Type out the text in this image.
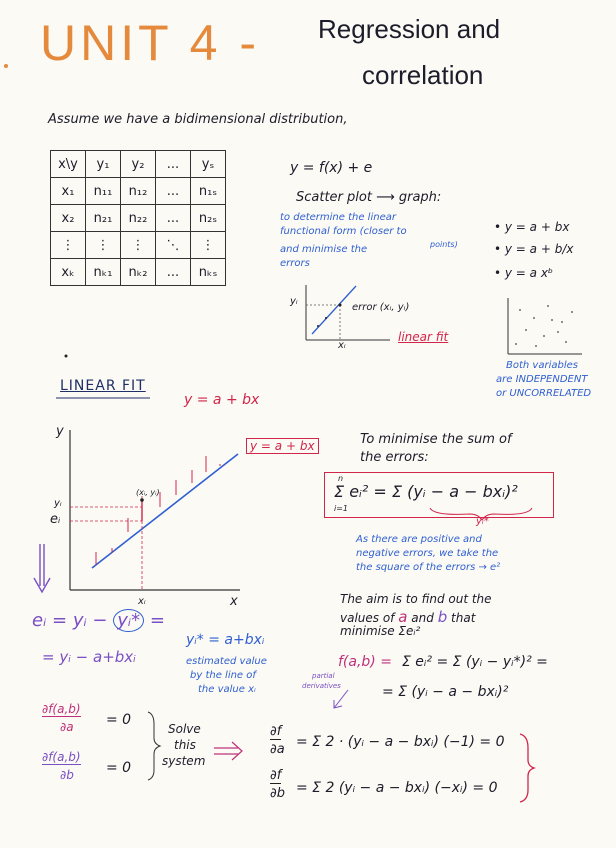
UNIT 4 - Regression and
correlation
Assume we have a bidimensional distribution,
x\y	y₁	y₂	...	yₛ
x₁	n₁₁	n₁₂	...	n₁ₛ
x₂	n₂₁	n₂₂	...	n₂ₛ
⋮	⋮	⋮	⋱	⋮
xₖ	nₖ₁	nₖ₂	...	nₖₛ
y = f(x) + e
Scatter plot ⟶ graph:
to determine the linear
functional form (closer to
points)
and minimise the
errors
• y = a + bx
• y = a + b/x
• y = a xᵇ
yᵢ
xᵢ
error (xᵢ, yᵢ)
linear fit
Both variables
are INDEPENDENT
or UNCORRELATED
LINEAR FIT
y = a + bx
y
x
yᵢ
eᵢ
xᵢ
(xᵢ, yᵢ)
y = a + bx	To minimise the sum of
the errors:
n
i=1
Σ eᵢ² = Σ (yᵢ − a − bxᵢ)²
yᵢ*
As there are positive and
negative errors, we take the
the square of the errors → e²
The aim is to find out the
values of a and b that
minimise Σeᵢ²
eᵢ = yᵢ − yᵢ* =
= yᵢ − a+bxᵢ
yᵢ* = a+bxᵢ
estimated value
by the line of
the value xᵢ
f(a,b) = Σ eᵢ² = Σ (yᵢ − yᵢ*)² =
= Σ (yᵢ − a − bxᵢ)²
partial
derivatives
∂f(a,b)
∂a = 0
∂f(a,b)
∂b = 0
Solve
this
system
∂f
∂a = Σ 2 · (yᵢ − a − bxᵢ) (−1) = 0
∂f
∂b = Σ 2 (yᵢ − a − bxᵢ) (−xᵢ) = 0
